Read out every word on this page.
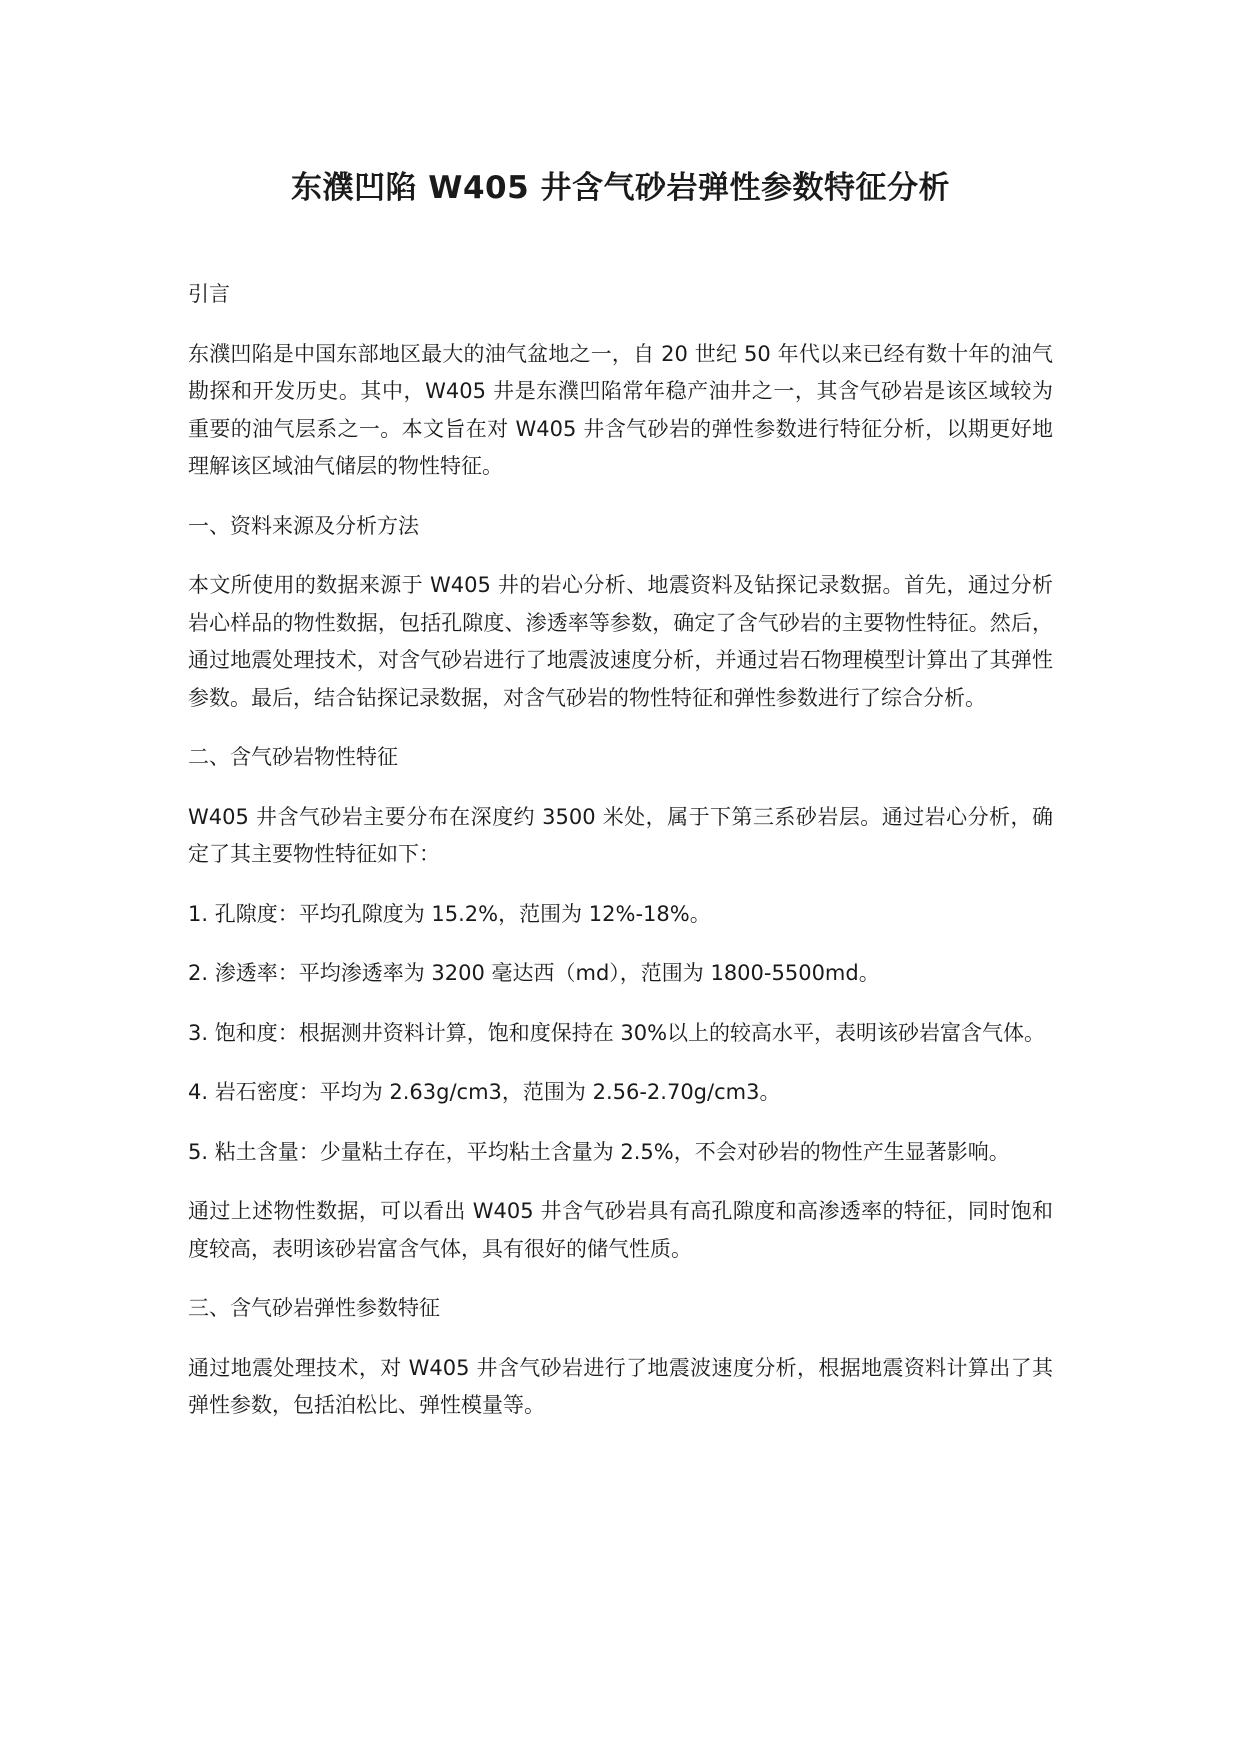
东濮凹陷 W405 井含气砂岩弹性参数特征分析

引言

东濮凹陷是中国东部地区最大的油气盆地之一，自 20 世纪 50 年代以来已经有数十年的油气勘探和开发历史。其中，W405 井是东濮凹陷常年稳产油井之一，其含气砂岩是该区域较为重要的油气层系之一。本文旨在对 W405 井含气砂岩的弹性参数进行特征分析，以期更好地理解该区域油气储层的物性特征。

一、资料来源及分析方法

本文所使用的数据来源于 W405 井的岩心分析、地震资料及钻探记录数据。首先，通过分析岩心样品的物性数据，包括孔隙度、渗透率等参数，确定了含气砂岩的主要物性特征。然后，通过地震处理技术，对含气砂岩进行了地震波速度分析，并通过岩石物理模型计算出了其弹性参数。最后，结合钻探记录数据，对含气砂岩的物性特征和弹性参数进行了综合分析。

二、含气砂岩物性特征

W405 井含气砂岩主要分布在深度约 3500 米处，属于下第三系砂岩层。通过岩心分析，确定了其主要物性特征如下：

1. 孔隙度：平均孔隙度为 15.2%，范围为 12%-18%。

2. 渗透率：平均渗透率为 3200 毫达西（md），范围为 1800-5500md。

3. 饱和度：根据测井资料计算，饱和度保持在 30%以上的较高水平，表明该砂岩富含气体。

4. 岩石密度：平均为 2.63g/cm3，范围为 2.56-2.70g/cm3。

5. 粘土含量：少量粘土存在，平均粘土含量为 2.5%，不会对砂岩的物性产生显著影响。

通过上述物性数据，可以看出 W405 井含气砂岩具有高孔隙度和高渗透率的特征，同时饱和度较高，表明该砂岩富含气体，具有很好的储气性质。

三、含气砂岩弹性参数特征

通过地震处理技术，对 W405 井含气砂岩进行了地震波速度分析，根据地震资料计算出了其弹性参数，包括泊松比、弹性模量等。
